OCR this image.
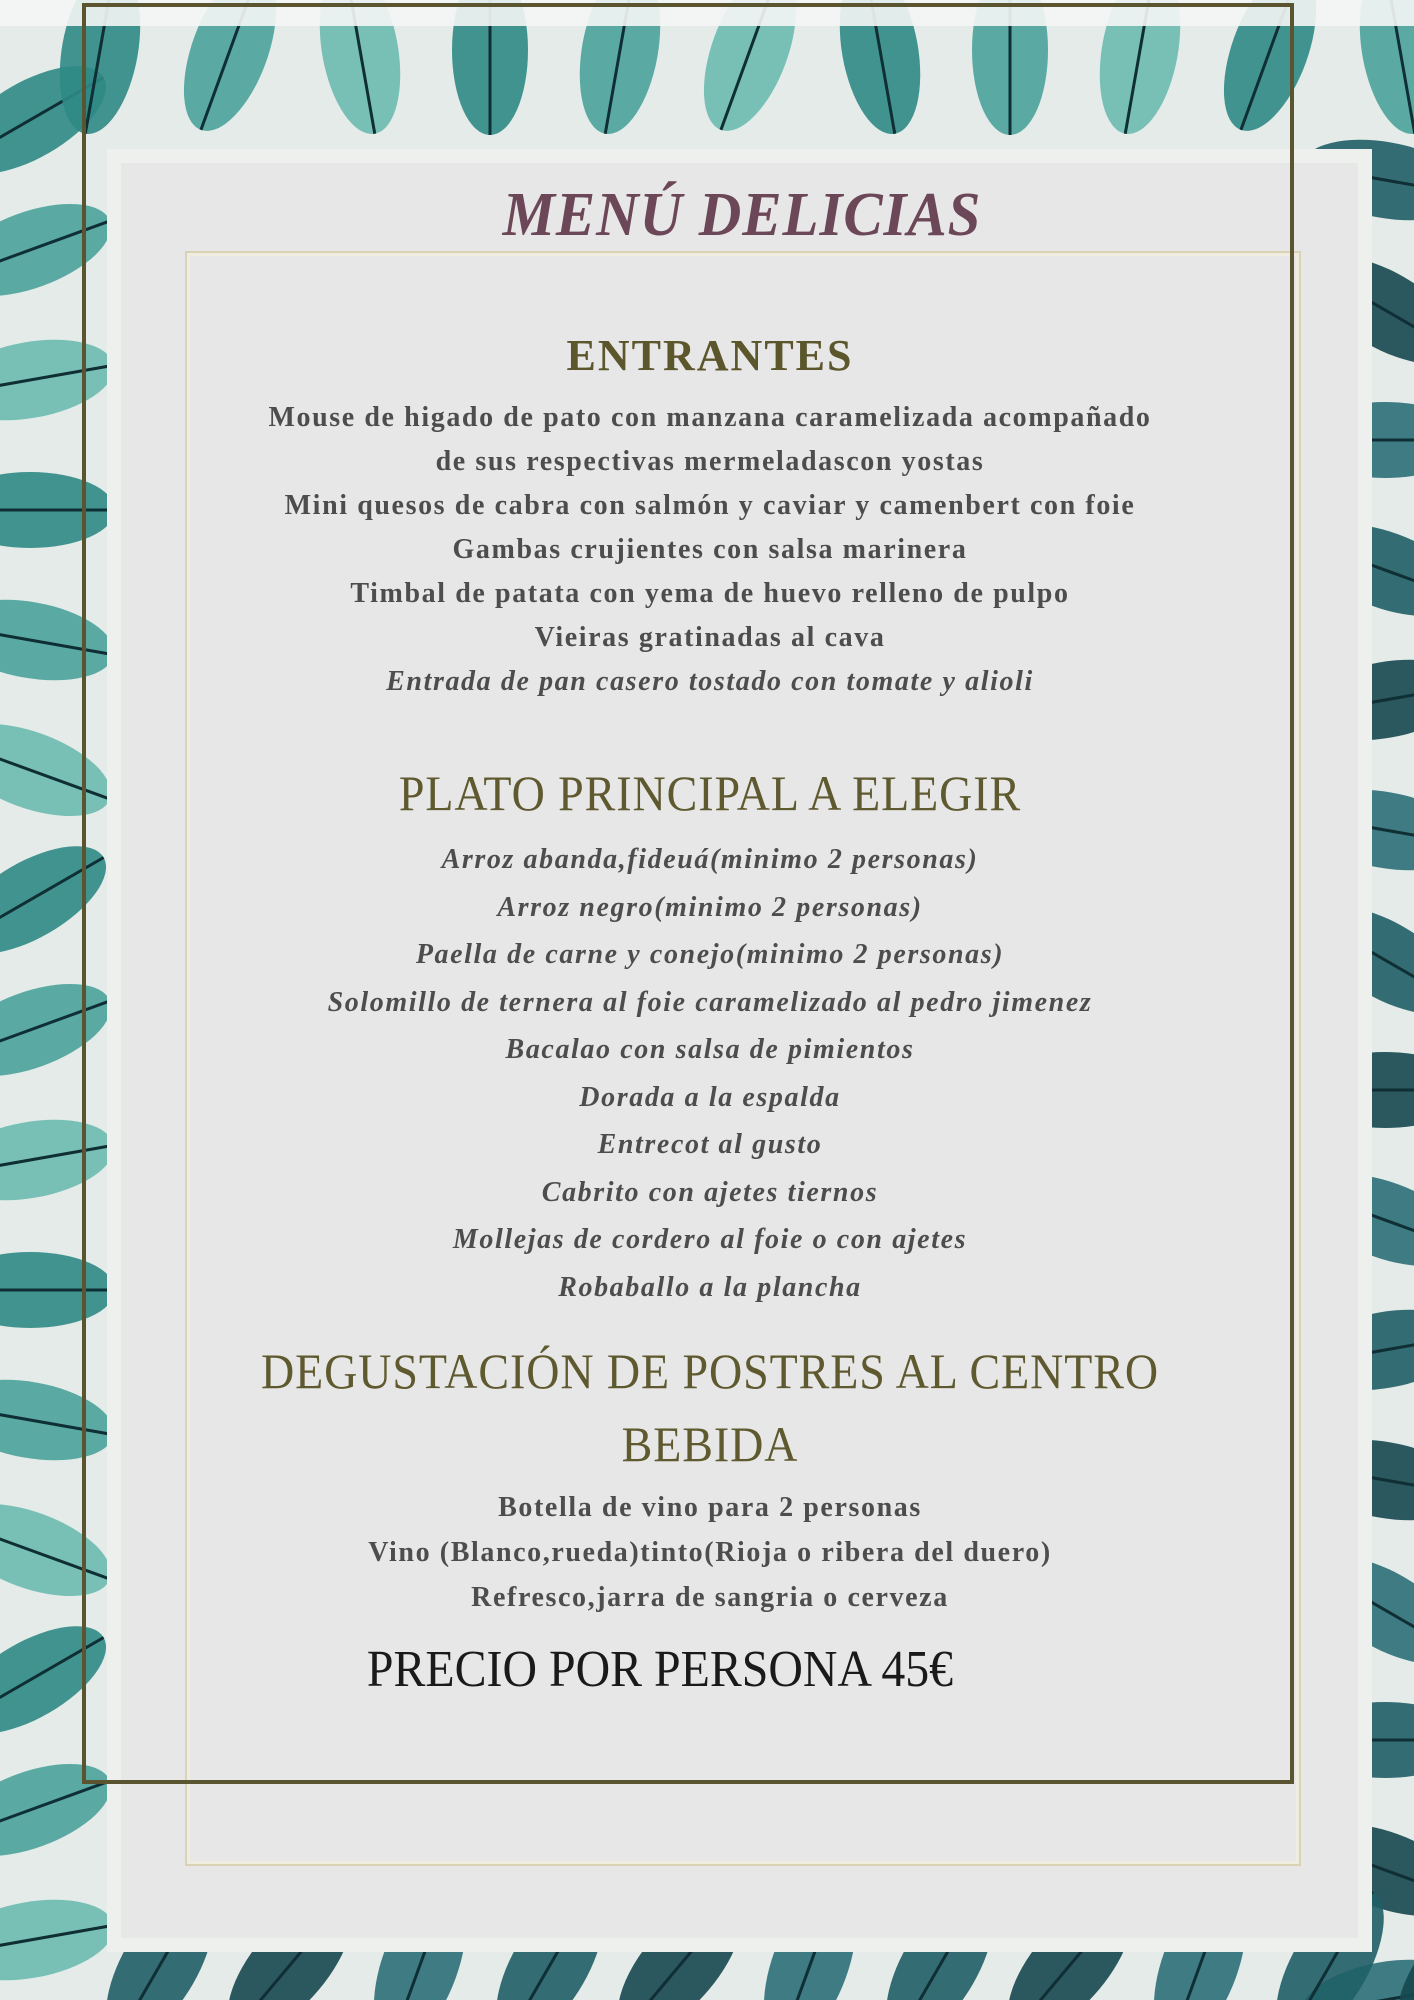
MENÚ DELICIAS
ENTRANTES
Mouse de higado de pato con manzana caramelizada acompañado
de sus respectivas mermeladascon yostas
Mini quesos de cabra con salmón y caviar y camenbert con foie
Gambas crujientes con salsa marinera
Timbal de patata con yema de huevo relleno de pulpo
Vieiras gratinadas al cava
Entrada de pan casero tostado con tomate y alioli
PLATO PRINCIPAL A ELEGIR
Arroz abanda,fideuá(minimo 2 personas)
Arroz negro(minimo 2 personas)
Paella de carne y conejo(minimo 2 personas)
Solomillo de ternera al foie caramelizado al pedro jimenez
Bacalao con salsa de pimientos
Dorada a la espalda
Entrecot al gusto
Cabrito con ajetes tiernos
Mollejas de cordero al foie o con ajetes
Robaballo a la plancha
DEGUSTACIÓN DE POSTRES AL CENTRO
BEBIDA
Botella de vino para 2 personas
Vino (Blanco,rueda)tinto(Rioja o ribera del duero)
Refresco,jarra de sangria o cerveza
PRECIO POR PERSONA 45€
